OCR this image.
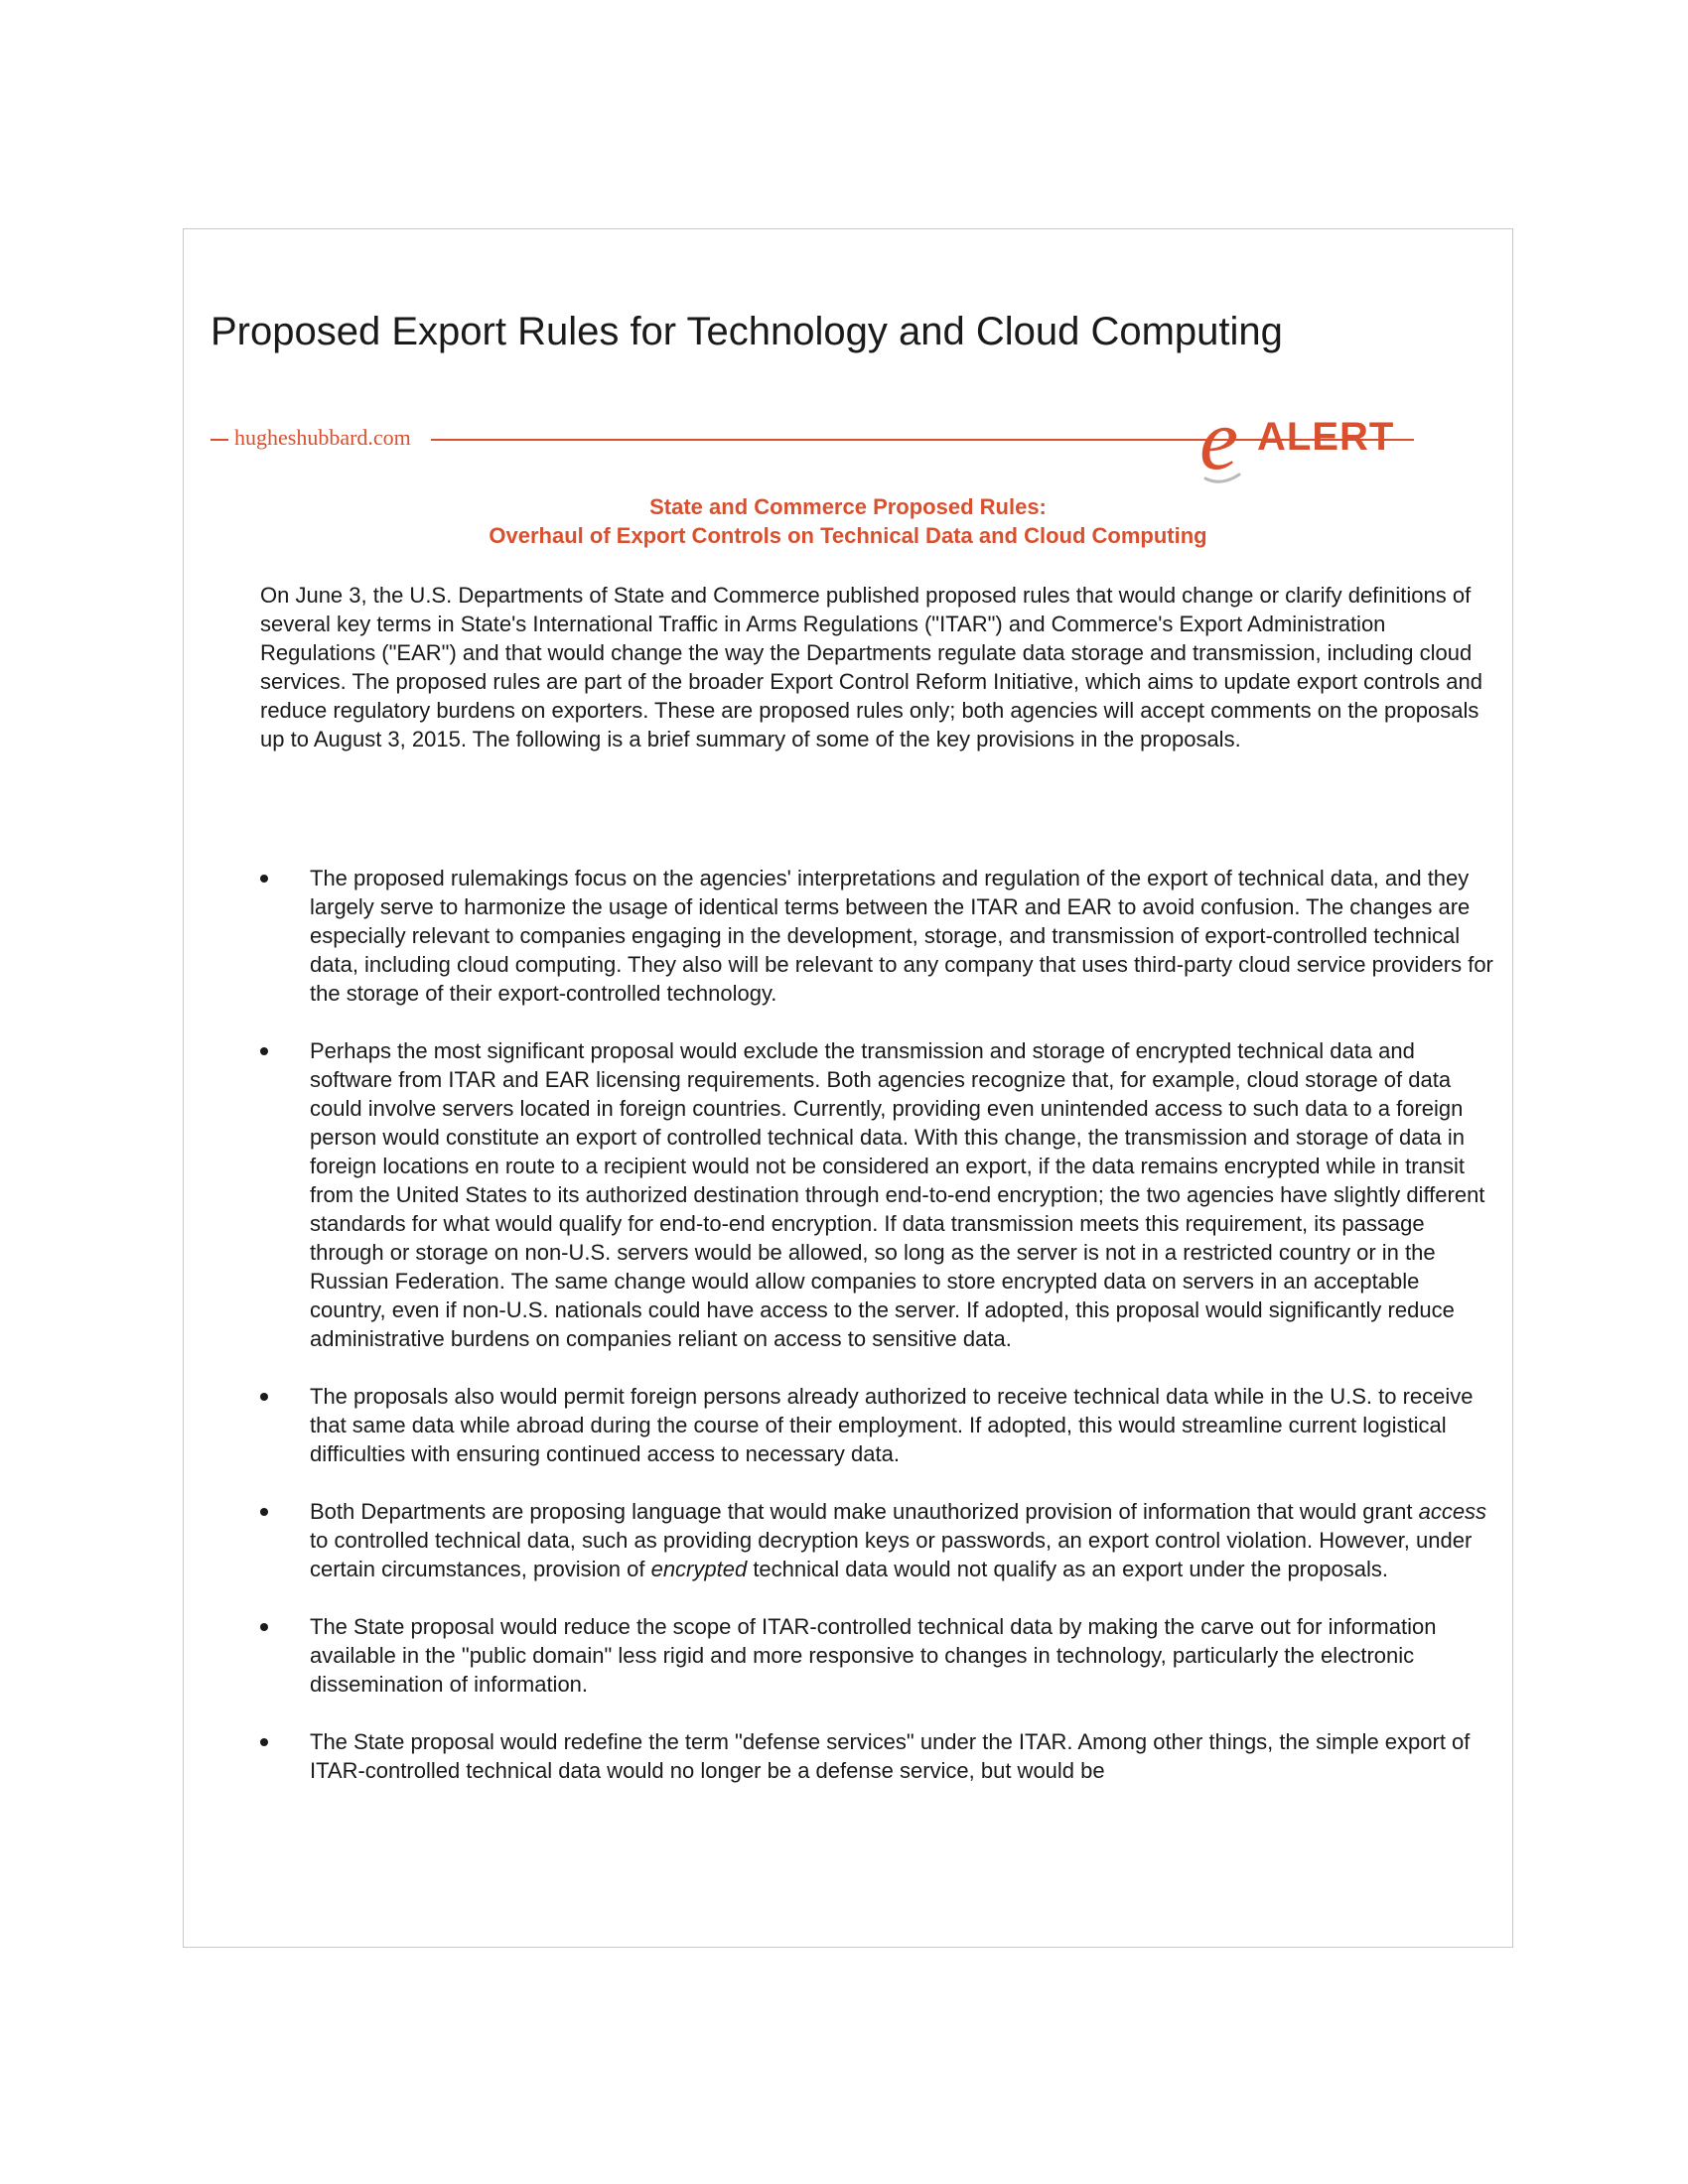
Proposed Export Rules for Technology and Cloud Computing
hugheshubbard.com	e ALERT

State and Commerce Proposed Rules:

Overhaul of Export Controls on Technical Data and Cloud Computing

On June 3, the U.S. Departments of State and Commerce published proposed rules that would change or clarify definitions of several key terms in State's International Traffic in Arms Regulations ("ITAR") and Commerce's Export Administration Regulations ("EAR") and that would change the way the Departments regulate data storage and transmission, including cloud services. The proposed rules are part of the broader Export Control Reform Initiative, which aims to update export controls and reduce regulatory burdens on exporters. These are proposed rules only; both agencies will accept comments on the proposals up to August 3, 2015. The following is a brief summary of some of the key provisions in the proposals.

The proposed rulemakings focus on the agencies' interpretations and regulation of the export of technical data, and they largely serve to harmonize the usage of identical terms between the ITAR and EAR to avoid confusion. The changes are especially relevant to companies engaging in the development, storage, and transmission of export-controlled technical data, including cloud computing. They also will be relevant to any company that uses third-party cloud service providers for the storage of their export-controlled technology.
Perhaps the most significant proposal would exclude the transmission and storage of encrypted technical data and software from ITAR and EAR licensing requirements. Both agencies recognize that, for example, cloud storage of data could involve servers located in foreign countries. Currently, providing even unintended access to such data to a foreign person would constitute an export of controlled technical data. With this change, the transmission and storage of data in foreign locations en route to a recipient would not be considered an export, if the data remains encrypted while in transit from the United States to its authorized destination through end-to-end encryption; the two agencies have slightly different standards for what would qualify for end-to-end encryption. If data transmission meets this requirement, its passage through or storage on non-U.S. servers would be allowed, so long as the server is not in a restricted country or in the Russian Federation. The same change would allow companies to store encrypted data on servers in an acceptable country, even if non-U.S. nationals could have access to the server. If adopted, this proposal would significantly reduce administrative burdens on companies reliant on access to sensitive data.
The proposals also would permit foreign persons already authorized to receive technical data while in the U.S. to receive that same data while abroad during the course of their employment. If adopted, this would streamline current logistical difficulties with ensuring continued access to necessary data.
Both Departments are proposing language that would make unauthorized provision of information that would grant access to controlled technical data, such as providing decryption keys or passwords, an export control violation. However, under certain circumstances, provision of encrypted technical data would not qualify as an export under the proposals.
The State proposal would reduce the scope of ITAR-controlled technical data by making the carve out for information available in the "public domain" less rigid and more responsive to changes in technology, particularly the electronic dissemination of information.
The State proposal would redefine the term "defense services" under the ITAR. Among other things, the simple export of ITAR-controlled technical data would no longer be a defense service, but would be
